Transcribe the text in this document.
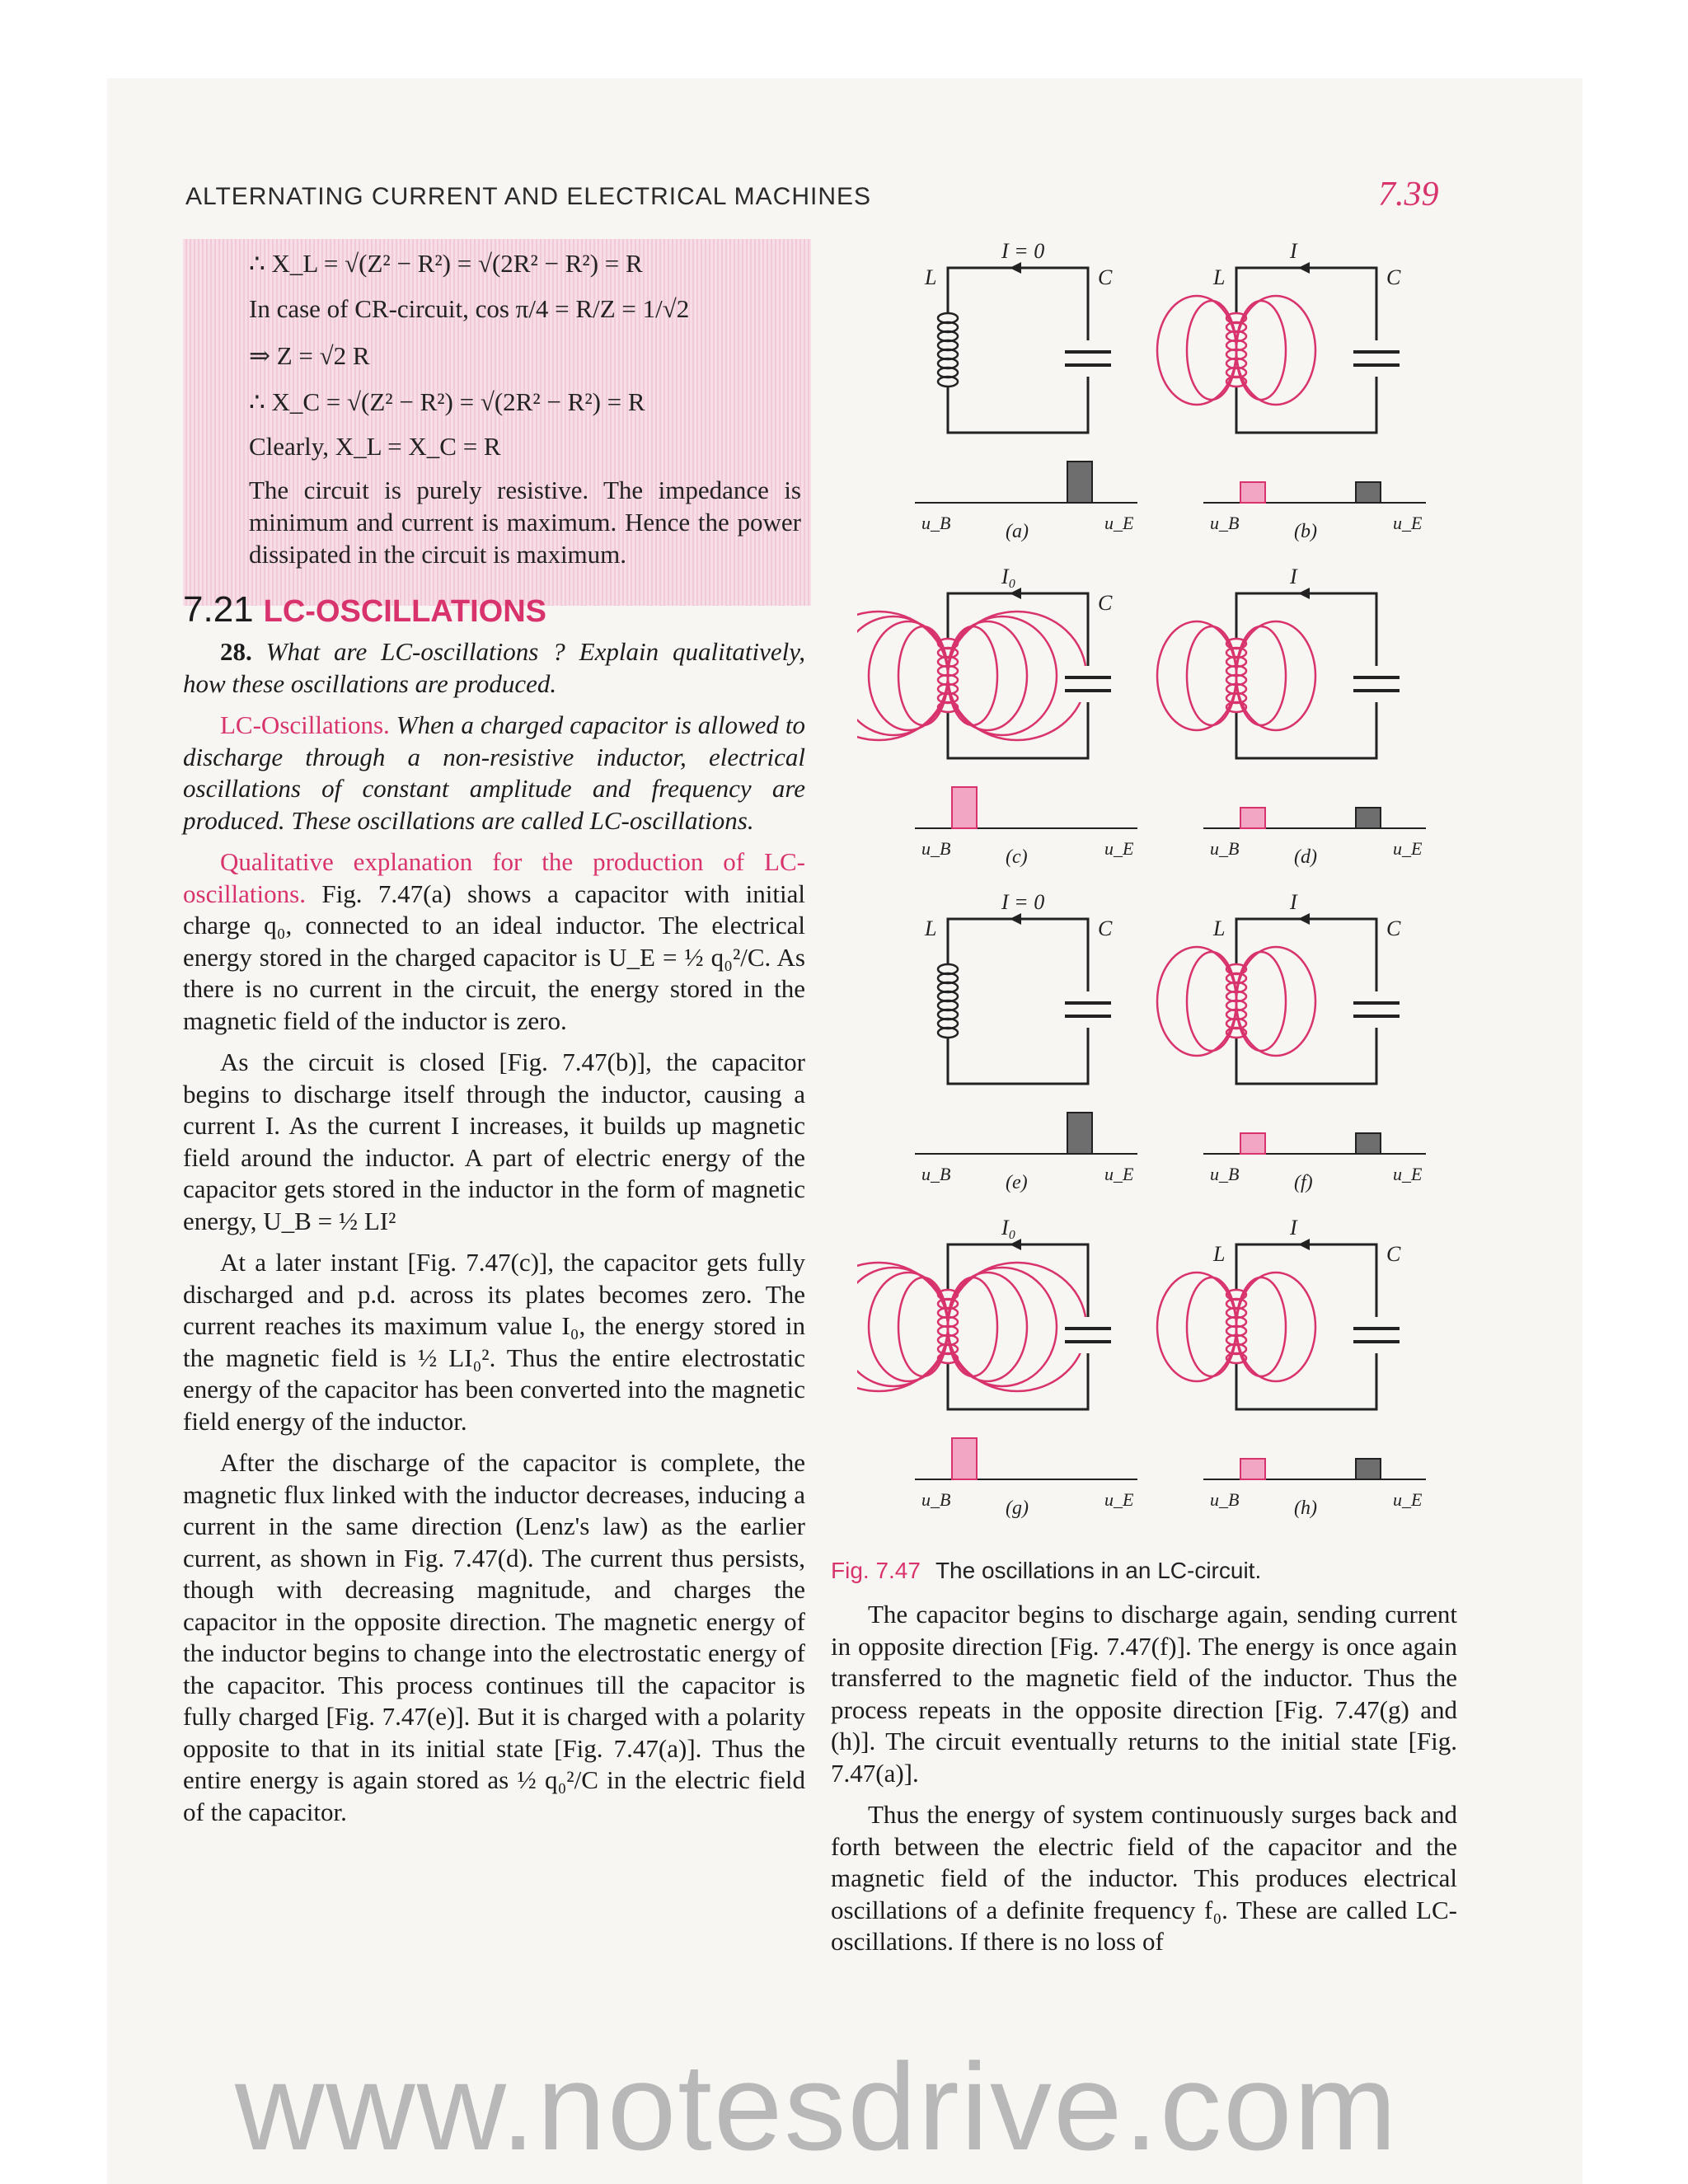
ALTERNATING CURRENT AND ELECTRICAL MACHINES	7.39
∴ X_L = √(Z² − R²) = √(2R² − R²) = R
In case of CR-circuit, cos π/4 = R/Z = 1/√2
⇒ Z = √2 R
∴ X_C = √(Z² − R²) = √(2R² − R²) = R
Clearly, X_L = X_C = R
The circuit is purely resistive. The impedance is minimum and current is maximum. Hence the power dissipated in the circuit is maximum.
7.21 LC-OSCILLATIONS

28. What are LC-oscillations ? Explain qualitatively, how these oscillations are produced.

LC-Oscillations. When a charged capacitor is allowed to discharge through a non-resistive inductor, electrical oscillations of constant amplitude and frequency are produced. These oscillations are called LC-oscillations.

Qualitative explanation for the production of LC-oscillations. Fig. 7.47(a) shows a capacitor with initial charge q₀, connected to an ideal inductor. The electrical energy stored in the charged capacitor is U_E = ½ q₀²/C. As there is no current in the circuit, the energy stored in the magnetic field of the inductor is zero.

As the circuit is closed [Fig. 7.47(b)], the capacitor begins to discharge itself through the inductor, causing a current I. As the current I increases, it builds up magnetic field around the inductor. A part of electric energy of the capacitor gets stored in the inductor in the form of magnetic energy, U_B = ½ LI²

At a later instant [Fig. 7.47(c)], the capacitor gets fully discharged and p.d. across its plates becomes zero. The current reaches its maximum value I₀, the energy stored in the magnetic field is ½ LI₀². Thus the entire electrostatic energy of the capacitor has been converted into the magnetic field energy of the inductor.

After the discharge of the capacitor is complete, the magnetic flux linked with the inductor decreases, inducing a current in the same direction (Lenz's law) as the earlier current, as shown in Fig. 7.47(d). The current thus persists, though with decreasing magnitude, and charges the capacitor in the opposite direction. The magnetic energy of the inductor begins to change into the electrostatic energy of the capacitor. This process continues till the capacitor is fully charged [Fig. 7.47(e)]. But it is charged with a polarity opposite to that in its initial state [Fig. 7.47(a)]. Thus the entire energy is again stored as ½ q₀²/C in the electric field of the capacitor.

I = 0
L	C
u_B	u_E
(a)
I
L	C
u_B	u_E
(b)
I₀
C
u_B	u_E
(c)
I
u_B	u_E
(d)
I = 0
L	C
u_B	u_E
(e)
I
L	C
u_B	u_E
(f)
I₀
u_B	u_E
(g)
I
L	C
u_B	u_E
(h)
Fig. 7.47 The oscillations in an LC-circuit.

The capacitor begins to discharge again, sending current in opposite direction [Fig. 7.47(f)]. The energy is once again transferred to the magnetic field of the inductor. Thus the process repeats in the opposite direction [Fig. 7.47(g) and (h)]. The circuit eventually returns to the initial state [Fig. 7.47(a)].

Thus the energy of system continuously surges back and forth between the electric field of the capacitor and the magnetic field of the inductor. This produces electrical oscillations of a definite frequency f₀. These are called LC-oscillations. If there is no loss of

www.notesdrive.com
